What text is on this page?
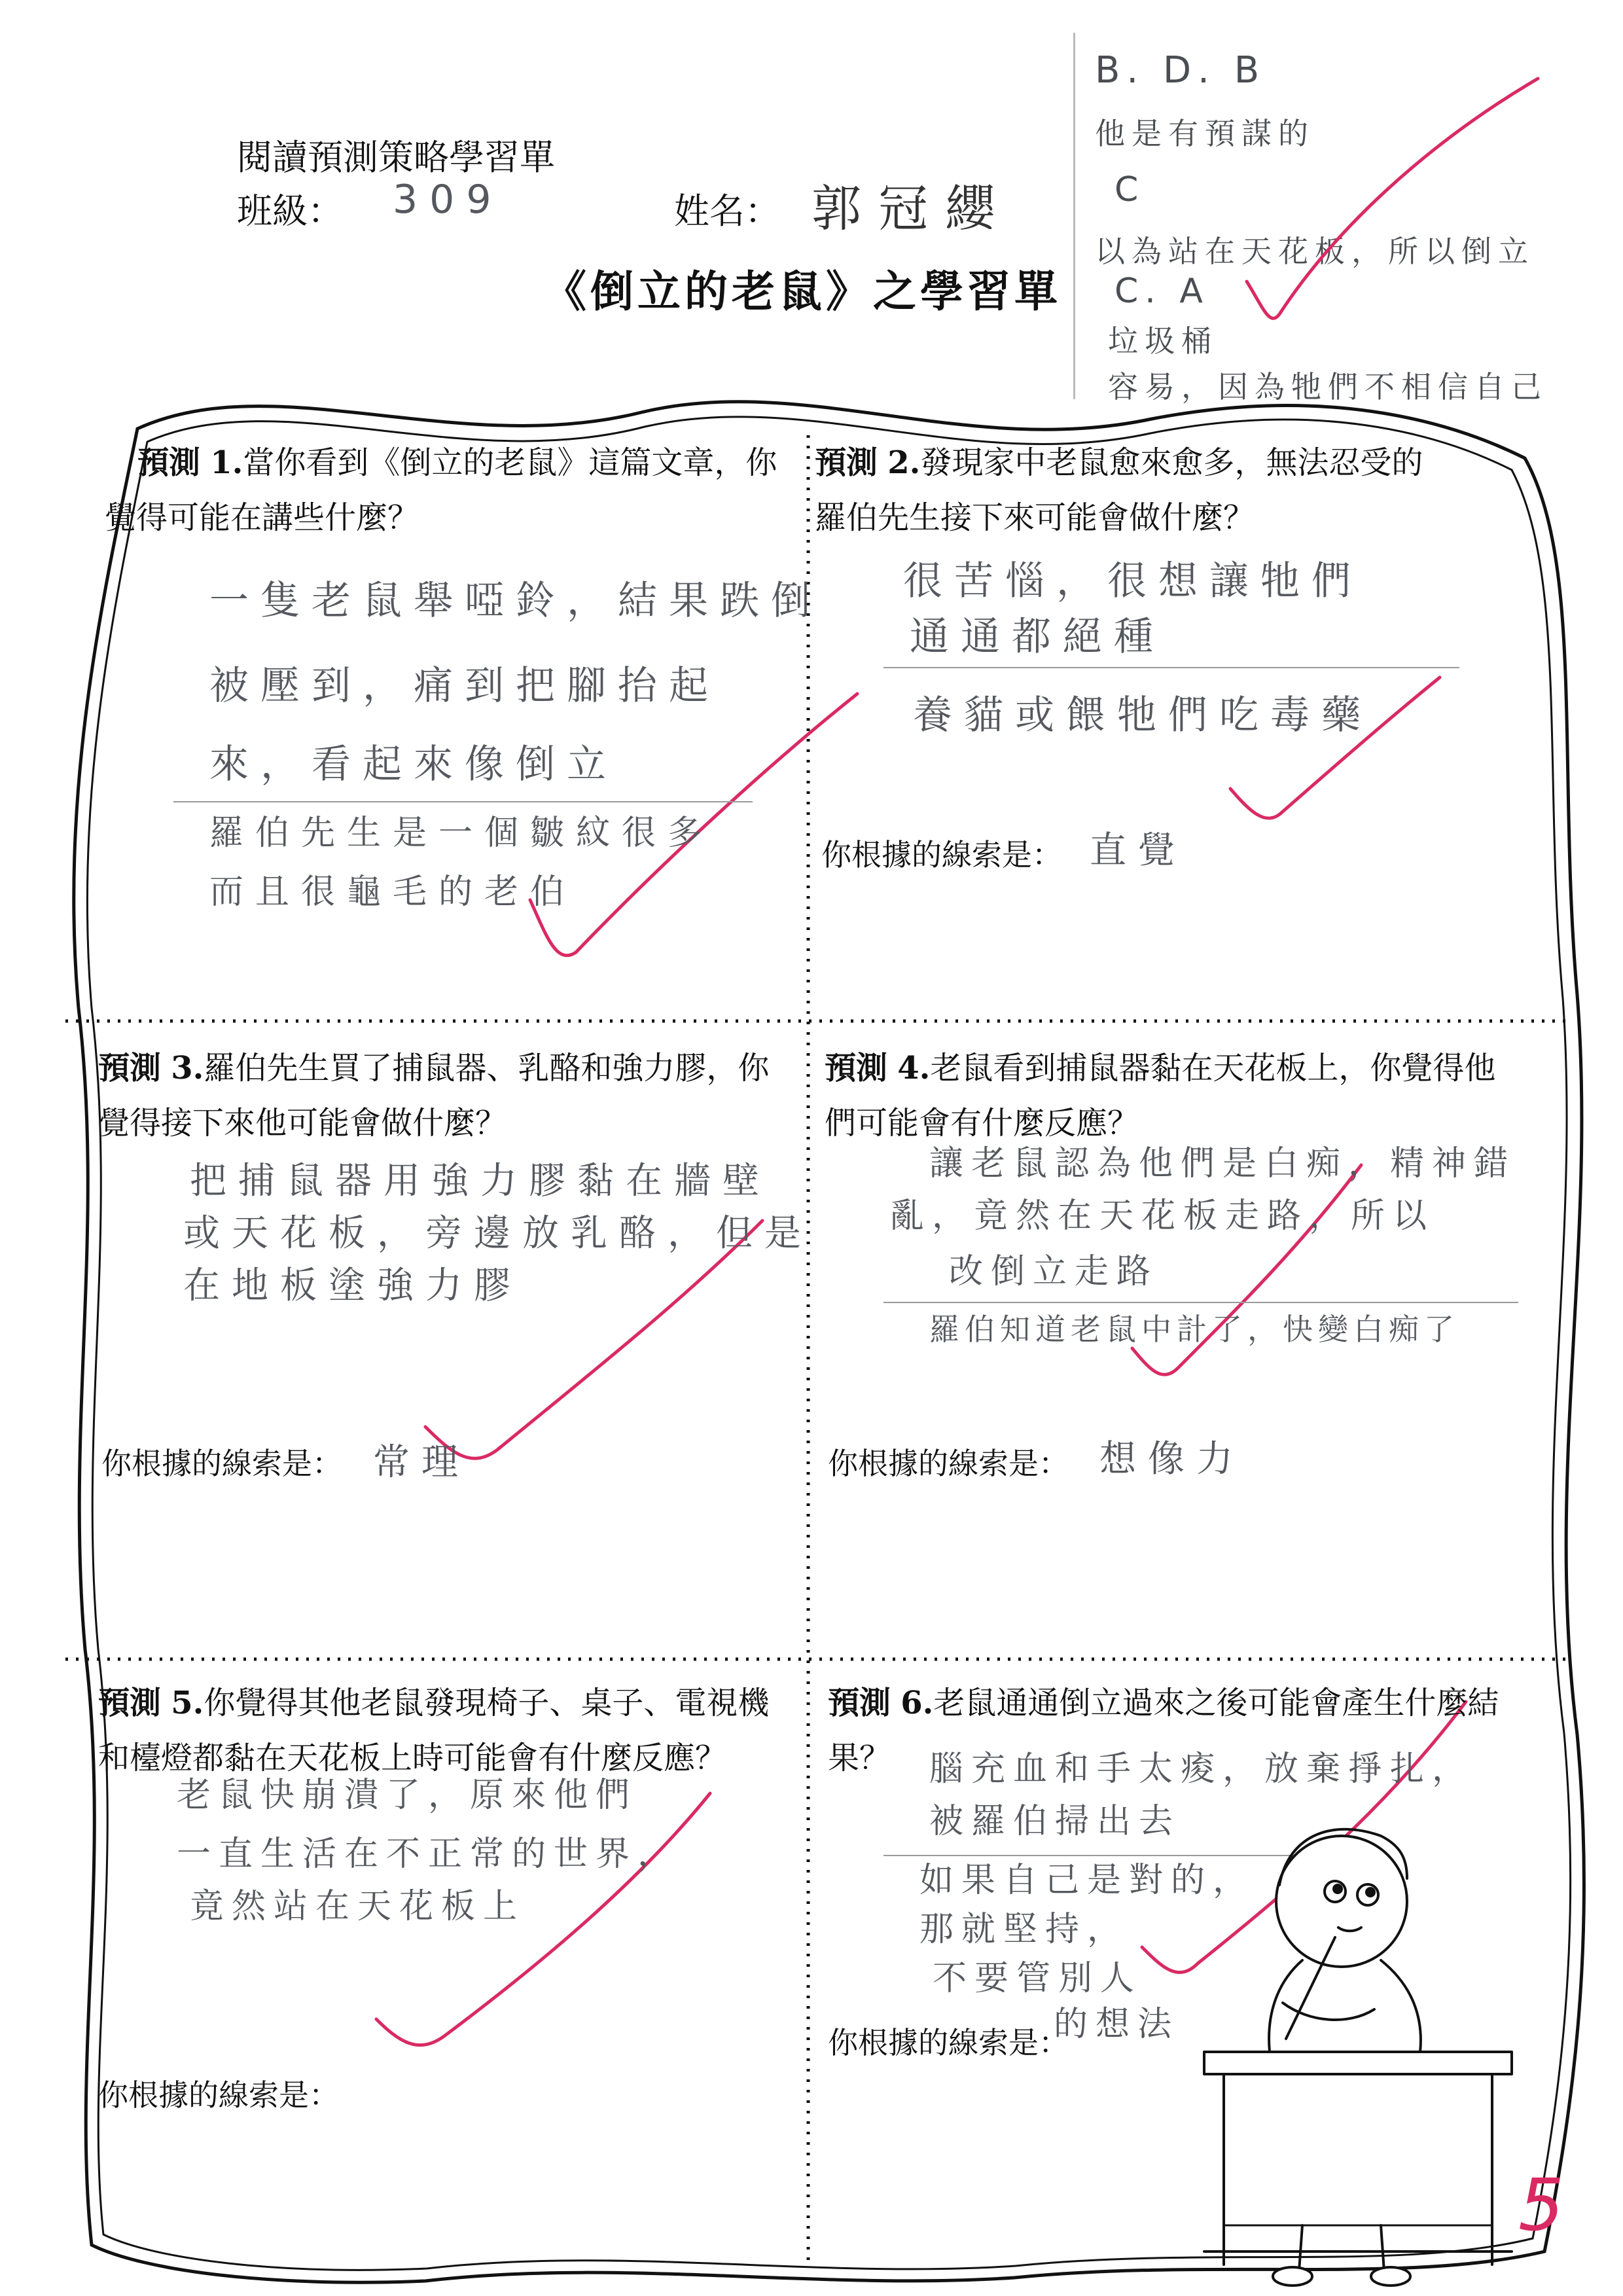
閱讀預測策略學習單
班級： 309	姓名： 郭冠纓
《倒立的老鼠》之學習單
B. D. B
他是有預謀的
C
以為站在天花板，所以倒立
C. A
垃圾桶
容易，因為牠們不相信自己
預測 1.當你看到《倒立的老鼠》這篇文章，你
覺得可能在講些什麼？
一隻老鼠舉啞鈴，結果跌倒
被壓到，痛到把腳抬起
來，看起來像倒立
羅伯先生是一個皺紋很多
而且很龜毛的老伯
預測 2.發現家中老鼠愈來愈多，無法忍受的
羅伯先生接下來可能會做什麼？
很苦惱，很想讓牠們
通通都絕種
養貓或餵牠們吃毒藥
你根據的線索是： 直覺
預測 3.羅伯先生買了捕鼠器、乳酪和強力膠，你
覺得接下來他可能會做什麼？
把捕鼠器用強力膠黏在牆壁
或天花板，旁邊放乳酪，但是
在地板塗強力膠
你根據的線索是： 常理
預測 4.老鼠看到捕鼠器黏在天花板上，你覺得他
們可能會有什麼反應？
讓老鼠認為他們是白痴，精神錯
亂，竟然在天花板走路，所以
改倒立走路
羅伯知道老鼠中計了，快變白痴了
你根據的線索是： 想像力
預測 5.你覺得其他老鼠發現椅子、桌子、電視機
和檯燈都黏在天花板上時可能會有什麼反應？
老鼠快崩潰了，原來他們
一直生活在不正常的世界，
竟然站在天花板上
你根據的線索是：
預測 6.老鼠通通倒立過來之後可能會產生什麼結
果？	腦充血和手太痠，放棄掙扎，
被羅伯掃出去
如果自己是對的，
那就堅持，
不要管別人
的想法
你根據的線索是：
5
